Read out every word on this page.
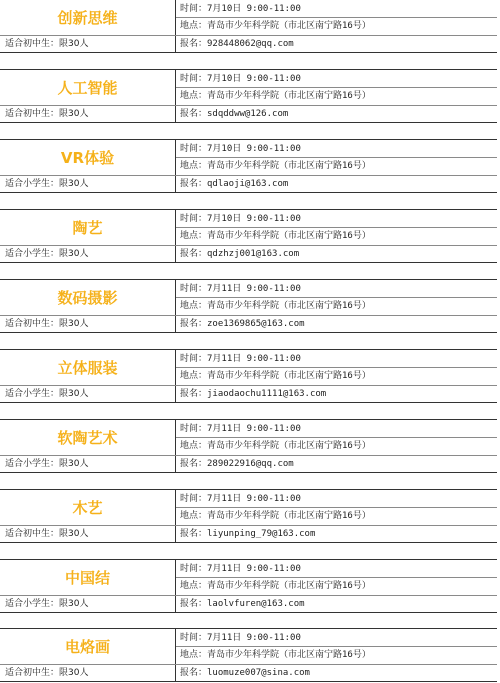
创新思维
适合初中生：限30人
时间：7月10日 9:00-11:00
地点：青岛市少年科学院（市北区南宁路16号）
报名：928448062@qq.com
人工智能
适合初中生：限30人
时间：7月10日 9:00-11:00
地点：青岛市少年科学院（市北区南宁路16号）
报名：sdqddww@126.com
VR体验
适合小学生：限30人
时间：7月10日 9:00-11:00
地点：青岛市少年科学院（市北区南宁路16号）
报名：qdlaoji@163.com
陶艺
适合小学生：限30人
时间：7月10日 9:00-11:00
地点：青岛市少年科学院（市北区南宁路16号）
报名：qdzhzj001@163.com
数码摄影
适合初中生：限30人
时间：7月11日 9:00-11:00
地点：青岛市少年科学院（市北区南宁路16号）
报名：zoe1369865@163.com
立体服装
适合小学生：限30人
时间：7月11日 9:00-11:00
地点：青岛市少年科学院（市北区南宁路16号）
报名：jiaodaochu1111@163.com
软陶艺术
适合小学生：限30人
时间：7月11日 9:00-11:00
地点：青岛市少年科学院（市北区南宁路16号）
报名：289022916@qq.com
木艺
适合初中生：限30人
时间：7月11日 9:00-11:00
地点：青岛市少年科学院（市北区南宁路16号）
报名：liyunping_79@163.com
中国结
适合小学生：限30人
时间：7月11日 9:00-11:00
地点：青岛市少年科学院（市北区南宁路16号）
报名：laolvfuren@163.com
电烙画
适合初中生：限30人
时间：7月11日 9:00-11:00
地点：青岛市少年科学院（市北区南宁路16号）
报名：luomuze007@sina.com
